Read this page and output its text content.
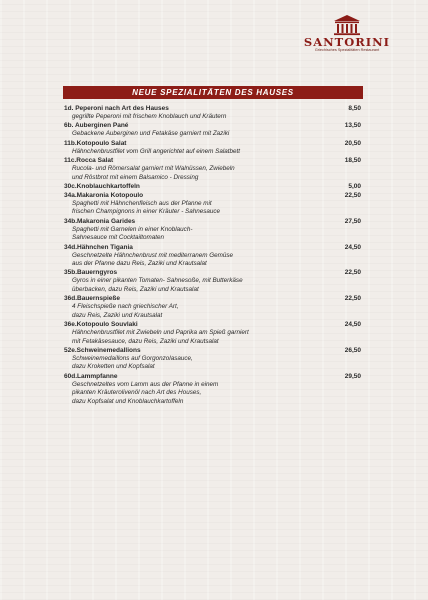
SANTORINI
Griechisches Spezialitäten Restaurant
NEUE SPEZIALITÄTEN DES HAUSES
1d. Peperoni nach Art des Hauses	8,50
gegrillte Peperoni mit frischem Knoblauch und Kräutern
6b. Auberginen Pané	13,50
Gebackene Auberginen und Fetakäse garniert mit Zaziki
11b.Kotopoulo Salat	20,50
Hähnchenbrustfilet vom Grill angerichtet auf einem Salatbett
11c.Rocca Salat	18,50
Rucola- und Römersalat garniert mit Walnüssen, Zwiebeln
und Röstbrot mit einem Balsamico - Dressing
30c.Knoblauchkartoffeln	5,00
34a.Makaronia Kotopoulo	22,50
Spaghetti mit Hähnchenfleisch aus der Pfanne mit
frischen Champignons in einer Kräuter - Sahnesauce
34b.Makaronia Garides	27,50
Spaghetti mit Garnelen in einer Knoblauch-
Sahnesauce mit Cocktailtomaten
34d.Hähnchen Tigania	24,50
Geschnetzelte Hähnchenbrust mit mediterranem Gemüse
aus der Pfanne dazu Reis, Zaziki und Krautsalat
35b.Bauerngyros	22,50
Gyros in einer pikanten Tomaten- Sahnesoße, mit Butterkäse
überbacken, dazu Reis, Zaziki und Krautsalat
36d.Bauernspieße	22,50
4 Fleischspieße nach griechischer Art,
dazu Reis, Zaziki und Krautsalat
36e.Kotopoulo Souvlaki	24,50
Hähnchenbrustfilet mit Zwiebeln und Paprika am Spieß garniert
mit Fetakäsesauce, dazu Reis, Zaziki und Krautsalat
52e.Schweinemedallions	26,50
Schweinemedaillons auf Gorgonzolasauce,
dazu Kroketten und Kopfsalat
60d.Lammpfanne	29,50
Geschnetzeltes vom Lamm aus der Pfanne in einem
pikanten Kräuterolivenöl nach Art des Houses,
dazu Kopfsalat und Knoblauchkartoffeln
